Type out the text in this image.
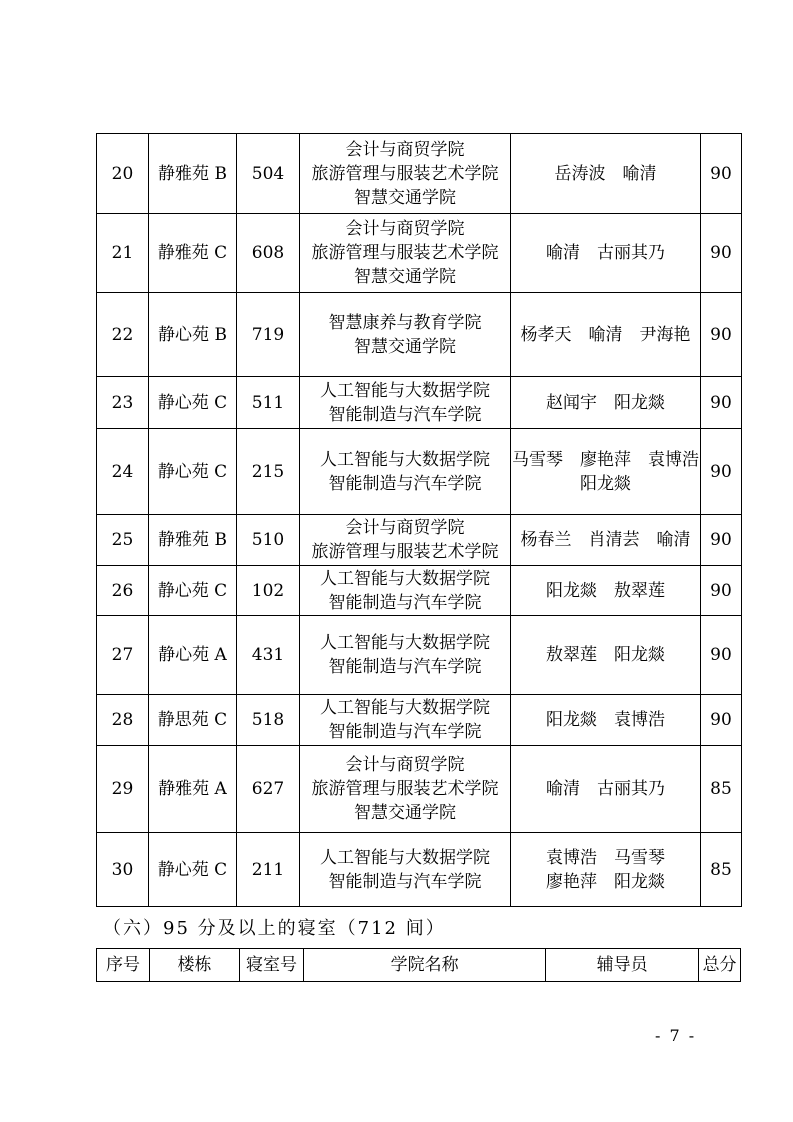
20	静雅苑 B	504	会计与商贸学院
旅游管理与服装艺术学院
智慧交通学院	岳涛波　喻清	90
21	静雅苑 C	608	会计与商贸学院
旅游管理与服装艺术学院
智慧交通学院	喻清　古丽其乃	90
22	静心苑 B	719	智慧康养与教育学院
智慧交通学院	杨孝天　喻清　尹海艳	90
23	静心苑 C	511	人工智能与大数据学院
智能制造与汽车学院	赵闻宇　阳龙燚	90
24	静心苑 C	215	人工智能与大数据学院
智能制造与汽车学院	马雪琴　廖艳萍　袁博浩
阳龙燚	90
25	静雅苑 B	510	会计与商贸学院
旅游管理与服装艺术学院	杨春兰　肖清芸　喻清	90
26	静心苑 C	102	人工智能与大数据学院
智能制造与汽车学院	阳龙燚　敖翠莲	90
27	静心苑 A	431	人工智能与大数据学院
智能制造与汽车学院	敖翠莲　阳龙燚	90
28	静思苑 C	518	人工智能与大数据学院
智能制造与汽车学院	阳龙燚　袁博浩	90
29	静雅苑 A	627	会计与商贸学院
旅游管理与服装艺术学院
智慧交通学院	喻清　古丽其乃	85
30	静心苑 C	211	人工智能与大数据学院
智能制造与汽车学院	袁博浩　马雪琴
廖艳萍　阳龙燚	85
（六）95 分及以上的寝室（712 间）
序号	楼栋	寝室号	学院名称	辅导员	总分
- 7 -
